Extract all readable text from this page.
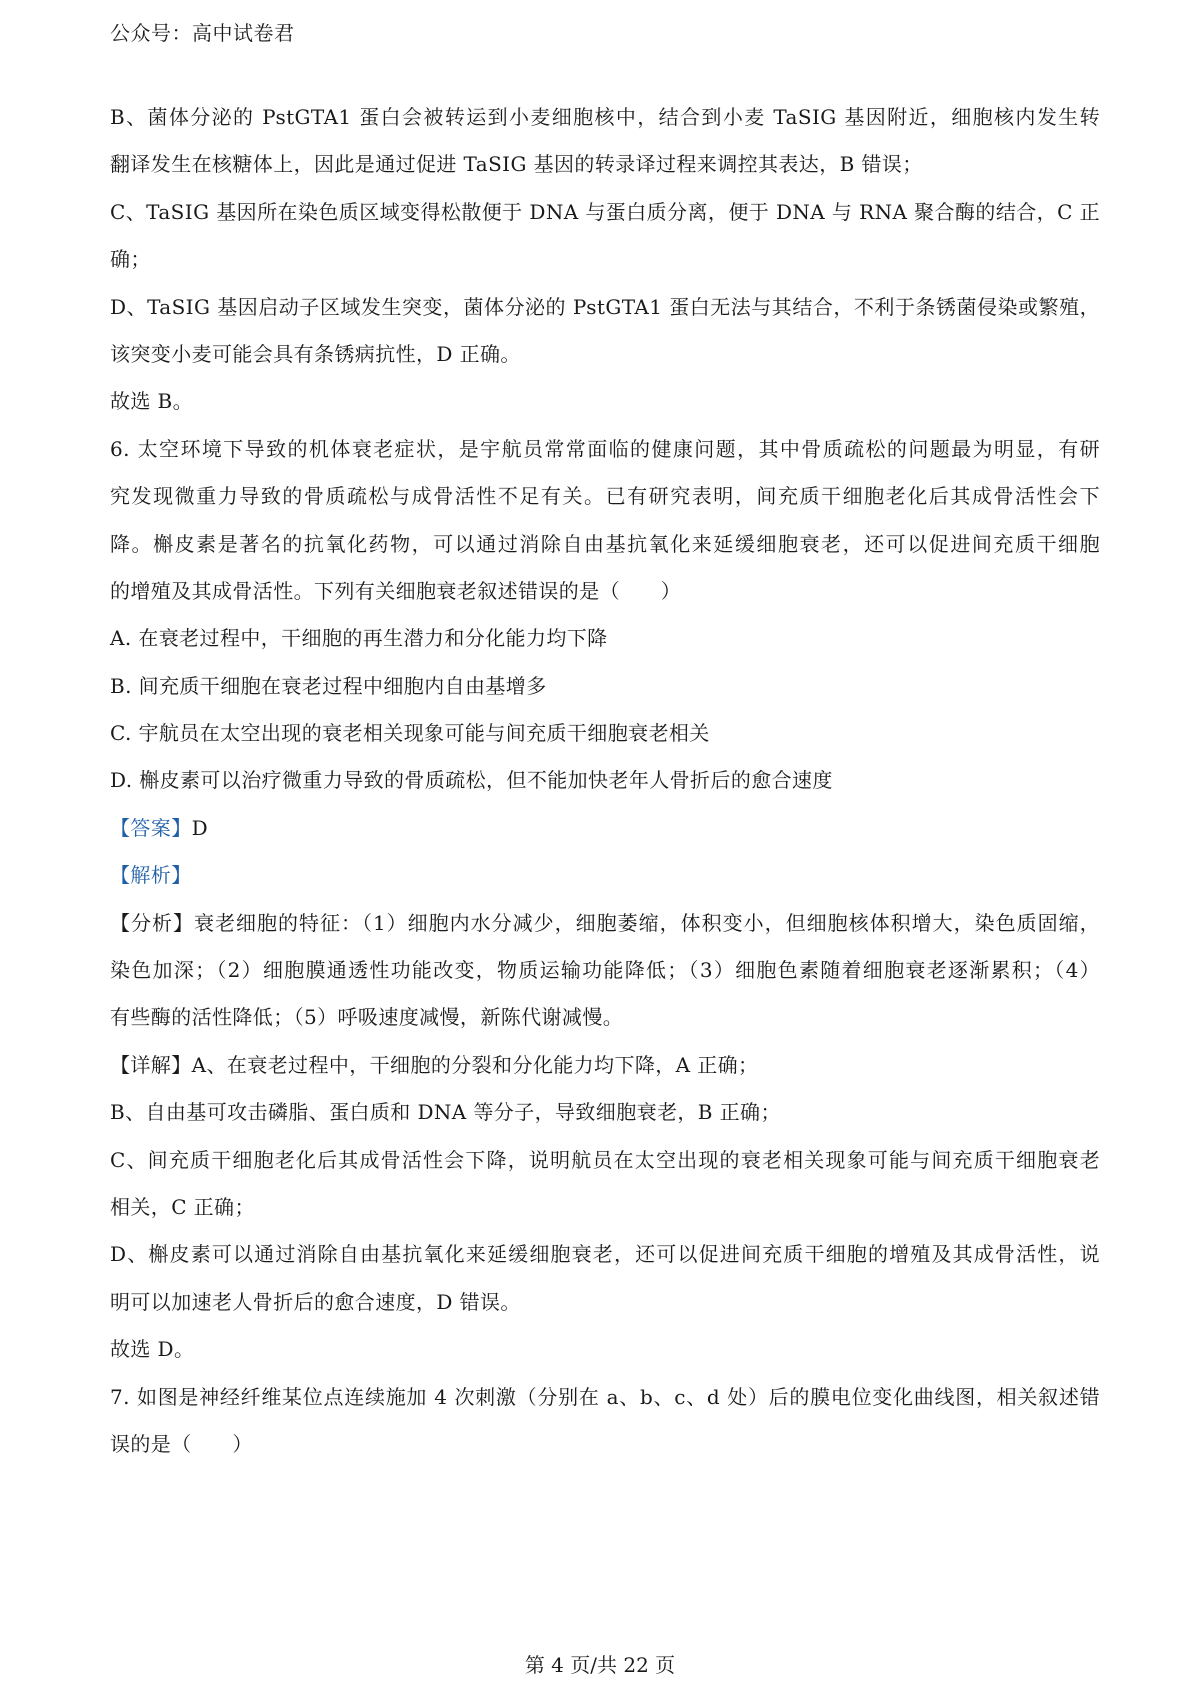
公众号：高中试卷君
B、菌体分泌的 PstGTA1 蛋白会被转运到小麦细胞核中，结合到小麦 TaSIG 基因附近，细胞核内发生转
翻译发生在核糖体上，因此是通过促进 TaSIG 基因的转录译过程来调控其表达，B 错误；
C、TaSIG 基因所在染色质区域变得松散便于 DNA 与蛋白质分离，便于 DNA 与 RNA 聚合酶的结合，C 正
确；
D、TaSIG 基因启动子区域发生突变，菌体分泌的 PstGTA1 蛋白无法与其结合，不利于条锈菌侵染或繁殖，
该突变小麦可能会具有条锈病抗性，D 正确。
故选 B。
6. 太空环境下导致的机体衰老症状，是宇航员常常面临的健康问题，其中骨质疏松的问题最为明显，有研
究发现微重力导致的骨质疏松与成骨活性不足有关。已有研究表明，间充质干细胞老化后其成骨活性会下
降。槲皮素是著名的抗氧化药物，可以通过消除自由基抗氧化来延缓细胞衰老，还可以促进间充质干细胞
的增殖及其成骨活性。下列有关细胞衰老叙述错误的是（　　）
A. 在衰老过程中，干细胞的再生潜力和分化能力均下降
B. 间充质干细胞在衰老过程中细胞内自由基增多
C. 宇航员在太空出现的衰老相关现象可能与间充质干细胞衰老相关
D. 槲皮素可以治疗微重力导致的骨质疏松，但不能加快老年人骨折后的愈合速度
【答案】D
【解析】
【分析】衰老细胞的特征：（1）细胞内水分减少，细胞萎缩，体积变小，但细胞核体积增大，染色质固缩，
染色加深；（2）细胞膜通透性功能改变，物质运输功能降低；（3）细胞色素随着细胞衰老逐渐累积；（4）
有些酶的活性降低；（5）呼吸速度减慢，新陈代谢减慢。
【详解】A、在衰老过程中，干细胞的分裂和分化能力均下降，A 正确；
B、自由基可攻击磷脂、蛋白质和 DNA 等分子，导致细胞衰老，B 正确；
C、间充质干细胞老化后其成骨活性会下降，说明航员在太空出现的衰老相关现象可能与间充质干细胞衰老
相关，C 正确；
D、槲皮素可以通过消除自由基抗氧化来延缓细胞衰老，还可以促进间充质干细胞的增殖及其成骨活性，说
明可以加速老人骨折后的愈合速度，D 错误。
故选 D。
7. 如图是神经纤维某位点连续施加 4 次刺激（分别在 a、b、c、d 处）后的膜电位变化曲线图，相关叙述错
误的是（　　）
第 4 页/共 22 页
